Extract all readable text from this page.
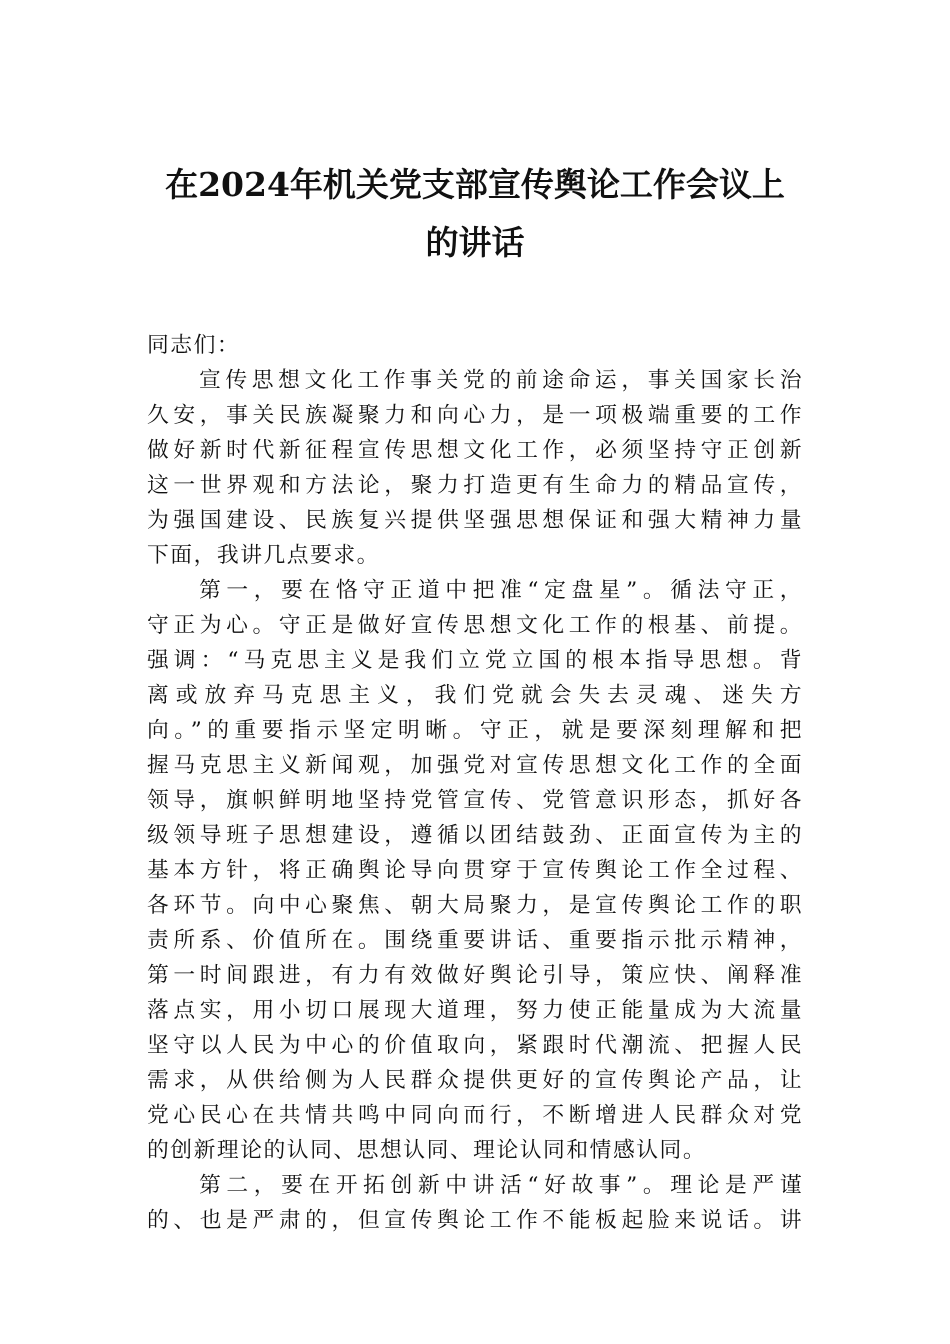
在2024年机关党支部宣传舆论工作会议上
的讲话
同志们：
宣传思想文化工作事关党的前途命运，事关国家长治
久安，事关民族凝聚力和向心力，是一项极端重要的工作
做好新时代新征程宣传思想文化工作，必须坚持守正创新
这一世界观和方法论，聚力打造更有生命力的精品宣传，
为强国建设、民族复兴提供坚强思想保证和强大精神力量
下面，我讲几点要求。
第一，要在恪守正道中把准“定盘星”。循法守正，
守正为心。守正是做好宣传思想文化工作的根基、前提。
强调：“马克思主义是我们立党立国的根本指导思想。背
离或放弃马克思主义，我们党就会失去灵魂、迷失方
向。”的重要指示坚定明晰。守正，就是要深刻理解和把
握马克思主义新闻观，加强党对宣传思想文化工作的全面
领导，旗帜鲜明地坚持党管宣传、党管意识形态，抓好各
级领导班子思想建设，遵循以团结鼓劲、正面宣传为主的
基本方针，将正确舆论导向贯穿于宣传舆论工作全过程、
各环节。向中心聚焦、朝大局聚力，是宣传舆论工作的职
责所系、价值所在。围绕重要讲话、重要指示批示精神，
第一时间跟进，有力有效做好舆论引导，策应快、阐释准
落点实，用小切口展现大道理，努力使正能量成为大流量
坚守以人民为中心的价值取向，紧跟时代潮流、把握人民
需求，从供给侧为人民群众提供更好的宣传舆论产品，让
党心民心在共情共鸣中同向而行，不断增进人民群众对党
的创新理论的认同、思想认同、理论认同和情感认同。
第二，要在开拓创新中讲活“好故事”。理论是严谨
的、也是严肃的，但宣传舆论工作不能板起脸来说话。讲
